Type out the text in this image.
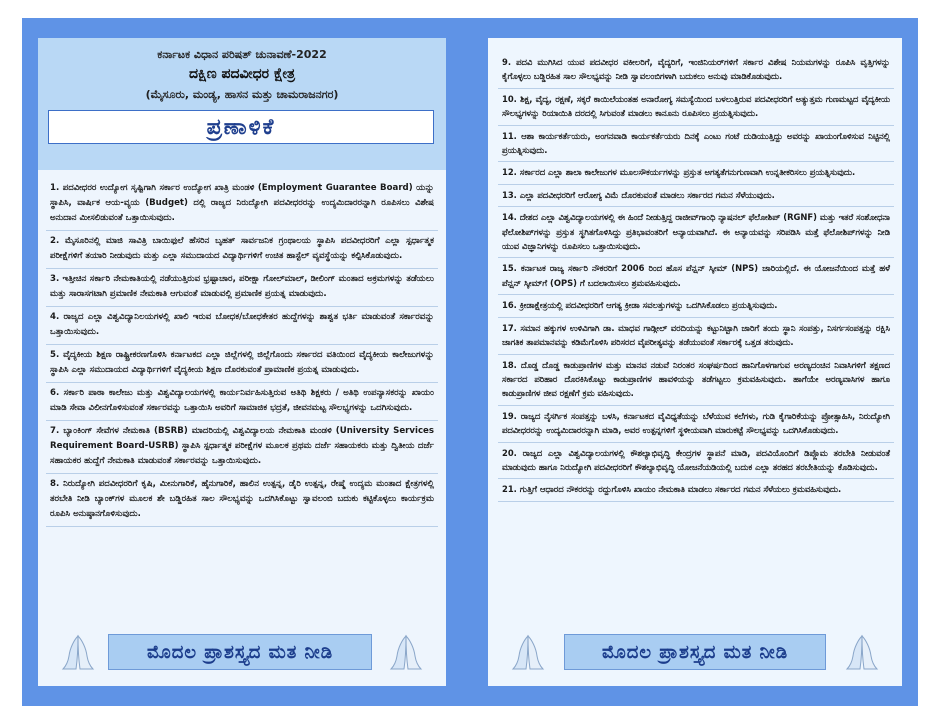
ಕರ್ನಾಟಕ ವಿಧಾನ ಪರಿಷತ್ ಚುನಾವಣೆ-2022
ದಕ್ಷಿಣ ಪದವೀಧರ ಕ್ಷೇತ್ರ
(ಮೈಸೂರು, ಮಂಡ್ಯ, ಹಾಸನ ಮತ್ತು ಚಾಮರಾಜನಗರ)
ಪ್ರಣಾಳಿಕೆ
1. ಪದವೀಧರರ ಉದ್ಯೋಗ ಸೃಷ್ಟಿಗಾಗಿ ಸರ್ಕಾರ ಉದ್ಯೋಗ ಖಾತ್ರಿ ಮಂಡಳಿ (Employment Guarantee Board) ಯನ್ನು ಸ್ಥಾಪಿಸಿ, ವಾರ್ಷಿಕ ಆಯ-ವ್ಯಯ (Budget) ದಲ್ಲಿ ರಾಜ್ಯದ ನಿರುದ್ಯೋಗಿ ಪದವೀಧರರನ್ನು ಉದ್ಯಮಿದಾರರನ್ನಾಗಿ ರೂಪಿಸಲು ವಿಶೇಷ ಅನುದಾನ ಮೀಸಲಿಡುವಂತೆ ಒತ್ತಾಯಿಸುವುದು.
2. ಮೈಸೂರಿನಲ್ಲಿ ಮಾಜಿ ಸಾವಿತ್ರಿ ಬಾಯಿಫುಲೆ ಹೆಸರಿನ ಬೃಹತ್ ಸಾರ್ವಜನಿಕ ಗ್ರಂಥಾಲಯ ಸ್ಥಾಪಿಸಿ ಪದವೀಧರರಿಗೆ ಎಲ್ಲಾ ಸ್ಪರ್ಧಾತ್ಮಕ ಪರೀಕ್ಷೆಗಳಿಗೆ ತಯಾರಿ ನೀಡುವುದು ಮತ್ತು ಎಲ್ಲಾ ಸಮುದಾಯದ ವಿದ್ಯಾರ್ಥಿಗಳಿಗೆ ಉಚಿತ ಹಾಸ್ಟೆಲ್ ವ್ಯವಸ್ಥೆಯನ್ನು ಕಲ್ಪಿಸಿಕೊಡುವುದು.
3. ಇತ್ತೀಚಿನ ಸರ್ಕಾರಿ ನೇಮಕಾತಿಯಲ್ಲಿ ನಡೆಯುತ್ತಿರುವ ಭ್ರಷ್ಟಾಚಾರ, ಪರೀಕ್ಷಾ ಗೋಲ್‌ಮಾಲ್, ಡೀಲಿಂಗ್ ಮಂತಾದ ಅಕ್ರಮಗಳನ್ನು ತಡೆಯಲು ಮತ್ತು ಸಾರಾಸಗಟಾಗಿ ಪ್ರಮಾಣಿಕ ನೇಮಕಾತಿ ಆಗುವಂತೆ ಮಾಡುವಲ್ಲಿ ಪ್ರಮಾಣಿಕ ಪ್ರಯತ್ನ ಮಾಡುವುದು.
4. ರಾಜ್ಯದ ಎಲ್ಲಾ ವಿಶ್ವವಿದ್ಯಾನಿಲಯಗಳಲ್ಲಿ ಖಾಲಿ ಇರುವ ಬೋಧಕ/ಬೋಧಕೇತರ ಹುದ್ದೆಗಳನ್ನು ಶಾಶ್ವತ ಭರ್ತಿ ಮಾಡುವಂತೆ ಸರ್ಕಾರವನ್ನು ಒತ್ತಾಯಿಸುವುದು.
5. ವೈದ್ಯಕೀಯ ಶಿಕ್ಷಣ ರಾಷ್ಟ್ರೀಕರಣಗೊಳಿಸಿ ಕರ್ನಾಟಕದ ಎಲ್ಲಾ ಜಿಲ್ಲೆಗಳಲ್ಲಿ ಜಿಲ್ಲೆಗೊಂದು ಸರ್ಕಾರದ ವತಿಯಿಂದ ವೈದ್ಯಕೀಯ ಕಾಲೇಜುಗಳನ್ನು ಸ್ಥಾಪಿಸಿ ಎಲ್ಲಾ ಸಮುದಾಯದ ವಿದ್ಯಾರ್ಥಿಗಳಿಗೆ ವೈದ್ಯಕೀಯ ಶಿಕ್ಷಣ ದೊರಕುವಂತೆ ಪ್ರಾಮಾಣಿಕ ಪ್ರಯತ್ನ ಮಾಡುವುದು.
6. ಸರ್ಕಾರಿ ಪಾಠಾ ಕಾಲೇಜು ಮತ್ತು ವಿಶ್ವವಿದ್ಯಾಲಯಗಳಲ್ಲಿ ಕಾರ್ಯನಿರ್ವಹಿಸುತ್ತಿರುವ ಅತಿಥಿ ಶಿಕ್ಷಕರು / ಅತಿಥಿ ಉಪನ್ಯಾಸಕರನ್ನು ಖಾಯಂ ಮಾಡಿ ಸೇವಾ ವಿಲೀನಗೊಳಿಸುವಂತೆ ಸರ್ಕಾರವನ್ನು ಒತ್ತಾಯಿಸಿ ಅವರಿಗೆ ಸಾಮಾಜಿಕ ಭದ್ರತೆ, ಜೀವನಮಟ್ಟ ಸೌಲಭ್ಯಗಳನ್ನು ಒದಗಿಸುವುದು.
7. ಬ್ಯಾಂಕಿಂಗ್ ಸೇವೆಗಳ ನೇಮಕಾತಿ (BSRB) ಮಾದರಿಯಲ್ಲಿ ವಿಶ್ವವಿದ್ಯಾಲಯ ನೇಮಕಾತಿ ಮಂಡಳಿ (University Services Requirement Board-USRB) ಸ್ಥಾಪಿಸಿ ಸ್ಪರ್ಧಾತ್ಮಕ ಪರೀಕ್ಷೆಗಳ ಮೂಲಕ ಪ್ರಥಮ ದರ್ಜೆ ಸಹಾಯಕರು ಮತ್ತು ದ್ವಿತೀಯ ದರ್ಜೆ ಸಹಾಯಕರ ಹುದ್ದೆಗೆ ನೇಮಕಾತಿ ಮಾಡುವಂತೆ ಸರ್ಕಾರವನ್ನು ಒತ್ತಾಯಿಸುವುದು.
8. ನಿರುದ್ಯೋಗಿ ಪದವೀಧರರಿಗೆ ಕೃಷಿ, ಮೀನುಗಾರಿಕೆ, ಹೈನುಗಾರಿಕೆ, ಹಾಲಿನ ಉತ್ಪನ್ನ, ಡೈರಿ ಉತ್ಪನ್ನ, ರೇಷ್ಮೆ ಉದ್ಯಮ ಮಂತಾದ ಕ್ಷೇತ್ರಗಳಲ್ಲಿ ತರಬೇತಿ ನೀಡಿ ಬ್ಯಾಂಕ್‌ಗಳ ಮೂಲಕ ಶೇ ಬಡ್ಡಿರಹಿತ ಸಾಲ ಸೌಲಭ್ಯವನ್ನು ಒದಗಿಸಿಕೊಟ್ಟು ಸ್ವಾವಲಂಬಿ ಬದುಕು ಕಟ್ಟಿಕೊಳ್ಳಲು ಕಾರ್ಯಕ್ರಮ ರೂಪಿಸಿ ಅನುಷ್ಠಾನಗೊಳಿಸುವುದು.
ಮೊದಲ ಪ್ರಾಶಸ್ತ್ಯದ ಮತ ನೀಡಿ
9. ಪದವಿ ಮುಗಿಸಿದ ಯುವ ಪದವೀಧರ ವಕೀಲರಿಗೆ, ವೈದ್ಯರಿಗೆ, ಇಂಜಿನಿಯರ್‌ಗಳಿಗೆ ಸರ್ಕಾರ ವಿಶೇಷ ನಿಯಮಗಳನ್ನು ರೂಪಿಸಿ ವೃತ್ತಿಗಳನ್ನು ಕೈಗೊಳ್ಳಲು ಬಡ್ಡಿರಹಿತ ಸಾಲ ಸೌಲಭ್ಯವನ್ನು ನೀಡಿ ಸ್ವಾವಲಂಬಿಗಳಾಗಿ ಬದುಕಲು ಅನುವು ಮಾಡಿಕೊಡುವುದು.
10. ಶಿಕ್ಷ, ವೈದ್ಯ, ರಕ್ಷಣೆ, ಸಕ್ಕರೆ ಕಾಯಿಲೆಯಂತಹ ಅನಾರೋಗ್ಯ ಸಮಸ್ಯೆಯಿಂದ ಬಳಲುತ್ತಿರುವ ಪದವೀಧರರಿಗೆ ಅತ್ಯುತ್ತಮ ಗುಣಮಟ್ಟದ ವೈದ್ಯಕೀಯ ಸೌಲಭ್ಯಗಳನ್ನು ರಿಯಾಯಿತಿ ದರದಲ್ಲಿ ಸಿಗುವಂತೆ ಮಾಡಲು ಕಾನೂನು ರೂಪಿಸಲು ಪ್ರಯತ್ನಿಸುವುದು.
11. ಆಶಾ ಕಾರ್ಯಕರ್ತೆಯರು, ಅಂಗನವಾಡಿ ಕಾರ್ಯಕರ್ತೆಯರು ದಿನಕ್ಕೆ ಎಂಟು ಗಂಟೆ ದುಡಿಯುತ್ತಿದ್ದು ಅವರನ್ನು ಖಾಯಂಗೊಳಿಸುವ ನಿಟ್ಟಿನಲ್ಲಿ ಪ್ರಯತ್ನಿಸುವುದು.
12. ಸರ್ಕಾರದ ಎಲ್ಲಾ ಶಾಲಾ ಕಾಲೇಜುಗಳ ಮೂಲಸೌಕರ್ಯಗಳನ್ನು ಪ್ರಸ್ತುತ ಅಗತ್ಯತೆಗನುಗುಣವಾಗಿ ಉನ್ನತೀಕರಿಸಲು ಪ್ರಯತ್ನಿಸುವುದು.
13. ಎಲ್ಲಾ ಪದವೀಧರರಿಗೆ ಆರೋಗ್ಯ ವಿಮೆ ದೊರಕುವಂತೆ ಮಾಡಲು ಸರ್ಕಾರದ ಗಮನ ಸೆಳೆಯುವುದು.
14. ದೇಶದ ಎಲ್ಲಾ ವಿಶ್ವವಿದ್ಯಾಲಯಗಳಲ್ಲಿ ಈ ಹಿಂದೆ ನೀಡುತ್ತಿದ್ದ ರಾಜೀವ್‌ಗಾಂಧಿ ನ್ಯಾಷನಲ್ ಫೆಲೋಶಿಪ್ (RGNF) ಮತ್ತು ಇತರೆ ಸಂಶೋಧನಾ ಫೆಲೋಶಿಪ್‌ಗಳನ್ನು ಪ್ರಸ್ತುತ ಸ್ಥಗಿತಗೊಳಿಸಿದ್ದು ಪ್ರತಿಭಾವಂತರಿಗೆ ಅನ್ಯಾಯವಾಗಿದೆ. ಈ ಅನ್ಯಾಯವನ್ನು ಸರಿಪಡಿಸಿ ಮತ್ತೆ ಫೆಲೋಶಿಪ್‌ಗಳನ್ನು ನೀಡಿ ಯುವ ವಿಜ್ಞಾನಿಗಳನ್ನು ರೂಪಿಸಲು ಒತ್ತಾಯಿಸುವುದು.
15. ಕರ್ನಾಟಕ ರಾಜ್ಯ ಸರ್ಕಾರಿ ನೌಕರರಿಗೆ 2006 ರಿಂದ ಹೊಸ ಪೆನ್ಷನ್ ಸ್ಕೀಮ್ (NPS) ಜಾರಿಯಲ್ಲಿದೆ. ಈ ಯೋಜನೆಯಿಂದ ಮತ್ತೆ ಹಳೆ ಪೆನ್ಷನ್ ಸ್ಕೀಮ್‌ಗೆ (OPS) ಗೆ ಬದಲಾಯಿಸಲು ಶ್ರಮವಹಿಸುವುದು.
16. ಕ್ರೀಡಾಕ್ಷೇತ್ರಯಲ್ಲಿ ಪದವೀಧರರಿಗೆ ಆಗತ್ಯ ಕ್ರೀಡಾ ಸವಲತ್ತುಗಳನ್ನು ಒದಗಿಸಿಕೊಡಲು ಪ್ರಯತ್ನಿಸುವುದು.
17. ಸಮಾನ ಹಕ್ಕುಗಳ ಉಳಿವಿಗಾಗಿ ಡಾ. ಮಾಧವ ಗಾಡ್ಗೀಲ್ ವರದಿಯನ್ನು ಕಟ್ಟುನಿಟ್ಟಾಗಿ ಜಾರಿಗೆ ತಂದು ಸ್ಥಾನಿ ಸಂಪತ್ತು, ನಿಸರ್ಗಸಂಪತ್ತನ್ನು ರಕ್ಷಿಸಿ ಜಾಗತಿಕ ತಾಪಮಾನವನ್ನು ಕಡಿಮೆಗೊಳಿಸಿ ಪರಿಸರದ ವೈಪರೀತ್ಯವನ್ನು ತಡೆಯುವಂತೆ ಸರ್ಕಾರಕ್ಕೆ ಒತ್ತಡ ತರುವುದು.
18. ದೊಡ್ಡ ದೊಡ್ಡ ಕಾಡುಪ್ರಾಣಿಗಳ ಮತ್ತು ಮಾನವ ನಡುವೆ ನಿರಂತರ ಸಂಘರ್ಷದಿಂದ ಹಾನಿಗೊಳಗಾಗುವ ಅರಣ್ಯದಂಚಿನ ನಿವಾಸಿಗಳಿಗೆ ತಕ್ಷಣದ ಸರ್ಕಾರದ ಪರಿಹಾರ ದೊರಕಿಸಿಕೊಟ್ಟು ಕಾಡುಪ್ರಾಣಿಗಳ ಹಾವಳಿಯನ್ನು ತಡೆಗಟ್ಟಲು ಕ್ರಮವಹಿಸುವುದು. ಹಾಗೆಯೇ ಅರಣ್ಯವಾಸಿಗಳ ಹಾಗೂ ಕಾಡುಪ್ರಾಣಿಗಳ ಜೀವ ರಕ್ಷಣೆಗೆ ಕ್ರಮ ವಹಿಸುವುದು.
19. ರಾಜ್ಯದ ನೈಸರ್ಗಿಕ ಸಂಪತ್ತನ್ನು ಬಳಸಿ, ಕರ್ನಾಟಕದ ವೈವಿಧ್ಯತೆಯನ್ನು ಬೆಳೆಯುವ ಕಲೆಗಳು, ಗುಡಿ ಕೈಗಾರಿಕೆಯನ್ನು ಪ್ರೋತ್ಸಾಹಿಸಿ, ನಿರುದ್ಯೋಗಿ ಪದವೀಧರರನ್ನು ಉದ್ಯಮಿದಾರರನ್ನಾಗಿ ಮಾಡಿ, ಅವರ ಉತ್ಪನ್ನಗಳಿಗೆ ಸ್ಥಳೀಯವಾಗಿ ಮಾರುಕಟ್ಟೆ ಸೌಲಭ್ಯವನ್ನು ಒದಗಿಸಿಕೊಡುವುದು.
20. ರಾಜ್ಯದ ಎಲ್ಲಾ ವಿಶ್ವವಿದ್ಯಾಲಯಗಳಲ್ಲಿ ಕೌಶಲ್ಯಾಭಿವೃದ್ಧಿ ಕೇಂದ್ರಗಳ ಸ್ಥಾಪನೆ ಮಾಡಿ, ಪದವಿಯೊಂದಿಗೆ ಡಿಪ್ಲೊಮ ತರಬೇತಿ ನೀಡುವಂತೆ ಮಾಡುವುದು ಹಾಗೂ ನಿರುದ್ಯೋಗಿ ಪದವೀಧರರಿಗೆ ಕೌಶಲ್ಯಾಭಿವೃದ್ಧಿ ಯೋಜನೆಯಡಿಯಲ್ಲಿ ಬದುಕ ಎಲ್ಲಾ ತರಹದ ತರಬೇತಿಯನ್ನು ಕೊಡಿಸುವುದು.
21. ಗುತ್ತಿಗೆ ಆಧಾರದ ನೌಕರರನ್ನು ರದ್ದುಗೊಳಿಸಿ ಖಾಯಂ ನೇಮಕಾತಿ ಮಾಡಲು ಸರ್ಕಾರದ ಗಮನ ಸೆಳೆಯಲು ಕ್ರಮವಹಿಸುವುದು.
ಮೊದಲ ಪ್ರಾಶಸ್ತ್ಯದ ಮತ ನೀಡಿ
